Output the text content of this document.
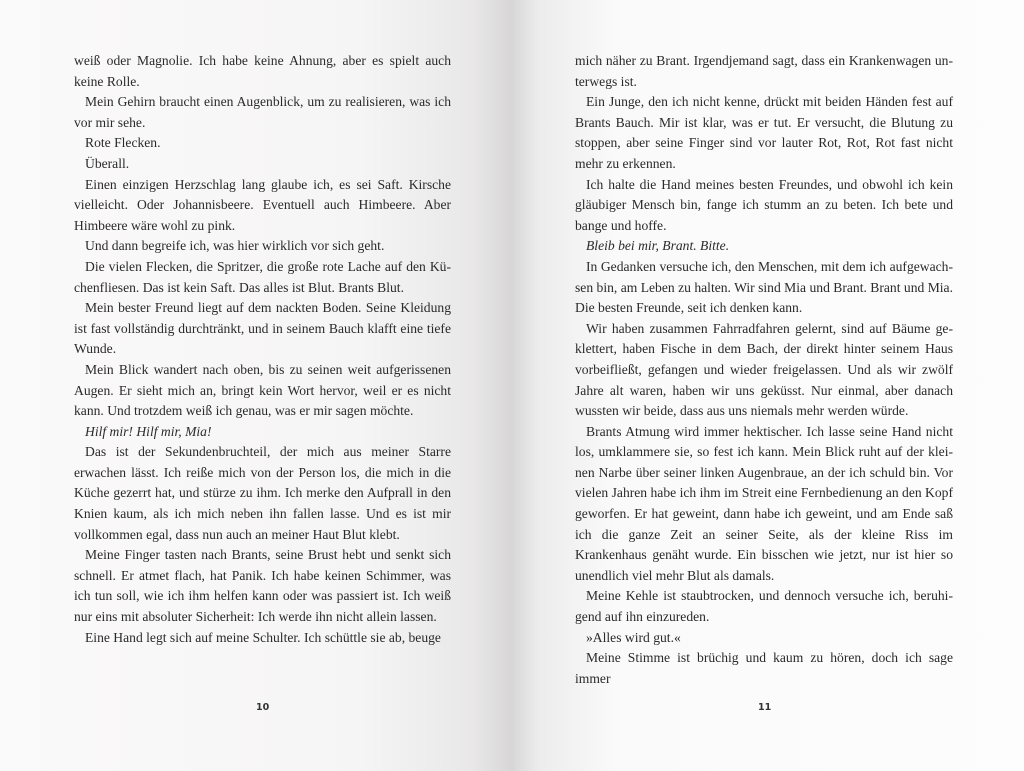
weiß oder Magnolie. Ich habe keine Ahnung, aber es spielt auch keine Rolle.

Mein Gehirn braucht einen Augenblick, um zu realisieren, was ich vor mir sehe.

Rote Flecken.

Überall.

Einen einzigen Herzschlag lang glaube ich, es sei Saft. Kirsche vielleicht. Oder Johannisbeere. Eventuell auch Himbeere. Aber Himbeere wäre wohl zu pink.

Und dann begreife ich, was hier wirklich vor sich geht.

Die vielen Flecken, die Spritzer, die große rote Lache auf den Küchenfliesen. Das ist kein Saft. Das alles ist Blut. Brants Blut.

Mein bester Freund liegt auf dem nackten Boden. Seine Kleidung ist fast vollständig durchtränkt, und in seinem Bauch klafft eine tiefe Wunde.

Mein Blick wandert nach oben, bis zu seinen weit aufgerissenen Augen. Er sieht mich an, bringt kein Wort hervor, weil er es nicht kann. Und trotzdem weiß ich genau, was er mir sagen möchte.

Hilf mir! Hilf mir, Mia!

Das ist der Sekundenbruchteil, der mich aus meiner Starre erwachen lässt. Ich reiße mich von der Person los, die mich in die Küche gezerrt hat, und stürze zu ihm. Ich merke den Aufprall in den Knien kaum, als ich mich neben ihn fallen lasse. Und es ist mir vollkommen egal, dass nun auch an meiner Haut Blut klebt.

Meine Finger tasten nach Brants, seine Brust hebt und senkt sich schnell. Er atmet flach, hat Panik. Ich habe keinen Schimmer, was ich tun soll, wie ich ihm helfen kann oder was passiert ist. Ich weiß nur eins mit absoluter Sicherheit: Ich werde ihn nicht allein lassen.

Eine Hand legt sich auf meine Schulter. Ich schüttle sie ab, beuge

10

mich näher zu Brant. Irgendjemand sagt, dass ein Krankenwagen unterwegs ist.

Ein Junge, den ich nicht kenne, drückt mit beiden Händen fest auf Brants Bauch. Mir ist klar, was er tut. Er versucht, die Blutung zu stoppen, aber seine Finger sind vor lauter Rot, Rot, Rot fast nicht mehr zu erkennen.

Ich halte die Hand meines besten Freundes, und obwohl ich kein gläubiger Mensch bin, fange ich stumm an zu beten. Ich bete und bange und hoffe.

Bleib bei mir, Brant. Bitte.

In Gedanken versuche ich, den Menschen, mit dem ich aufgewachsen bin, am Leben zu halten. Wir sind Mia und Brant. Brant und Mia. Die besten Freunde, seit ich denken kann.

Wir haben zusammen Fahrradfahren gelernt, sind auf Bäume geklettert, haben Fische in dem Bach, der direkt hinter seinem Haus vorbeifließt, gefangen und wieder freigelassen. Und als wir zwölf Jahre alt waren, haben wir uns geküsst. Nur einmal, aber danach wussten wir beide, dass aus uns niemals mehr werden würde.

Brants Atmung wird immer hektischer. Ich lasse seine Hand nicht los, umklammere sie, so fest ich kann. Mein Blick ruht auf der kleinen Narbe über seiner linken Augenbraue, an der ich schuld bin. Vor vielen Jahren habe ich ihm im Streit eine Fernbedienung an den Kopf geworfen. Er hat geweint, dann habe ich geweint, und am Ende saß ich die ganze Zeit an seiner Seite, als der kleine Riss im Krankenhaus genäht wurde. Ein bisschen wie jetzt, nur ist hier so unendlich viel mehr Blut als damals.

Meine Kehle ist staubtrocken, und dennoch versuche ich, beruhigend auf ihn einzureden.

»Alles wird gut.«

Meine Stimme ist brüchig und kaum zu hören, doch ich sage immer

11
